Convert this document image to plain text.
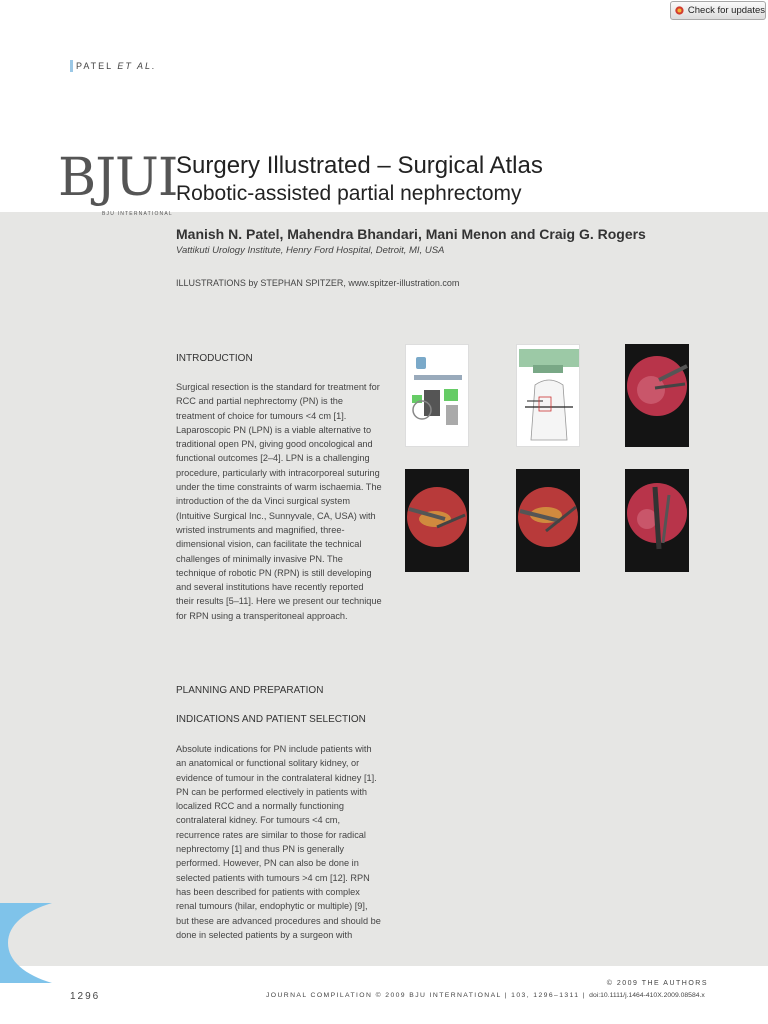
Check for updates
PATEL ET AL.
BJUI
BJU INTERNATIONAL
Surgery Illustrated – Surgical Atlas
Robotic-assisted partial nephrectomy
Manish N. Patel, Mahendra Bhandari, Mani Menon and Craig G. Rogers
Vattikuti Urology Institute, Henry Ford Hospital, Detroit, MI, USA
ILLUSTRATIONS by STEPHAN SPITZER, www.spitzer-illustration.com
INTRODUCTION
Surgical resection is the standard for treatment for RCC and partial nephrectomy (PN) is the treatment of choice for tumours <4 cm [1]. Laparoscopic PN (LPN) is a viable alternative to traditional open PN, giving good oncological and functional outcomes [2–4]. LPN is a challenging procedure, particularly with intracorporeal suturing under the time constraints of warm ischaemia. The introduction of the da Vinci surgical system (Intuitive Surgical Inc., Sunnyvale, CA, USA) with wristed instruments and magnified, three-dimensional vision, can facilitate the technical challenges of minimally invasive PN. The technique of robotic PN (RPN) is still developing and several institutions have recently reported their results [5–11]. Here we present our technique for RPN using a transperitoneal approach.
PLANNING AND PREPARATION
INDICATIONS AND PATIENT SELECTION
Absolute indications for PN include patients with an anatomical or functional solitary kidney, or evidence of tumour in the contralateral kidney [1]. PN can be performed electively in patients with localized RCC and a normally functioning contralateral kidney. For tumours <4 cm, recurrence rates are similar to those for radical nephrectomy [1] and thus PN is generally performed. However, PN can also be done in selected patients with tumours >4 cm [12]. RPN has been described for patients with complex renal tumours (hilar, endophytic or multiple) [9], but these are advanced procedures and should be done in selected patients by a surgeon with
1296
© 2009 THE AUTHORS
JOURNAL COMPILATION © 2009 BJU INTERNATIONAL | 103, 1296–1311 | doi:10.1111/j.1464-410X.2009.08584.x
